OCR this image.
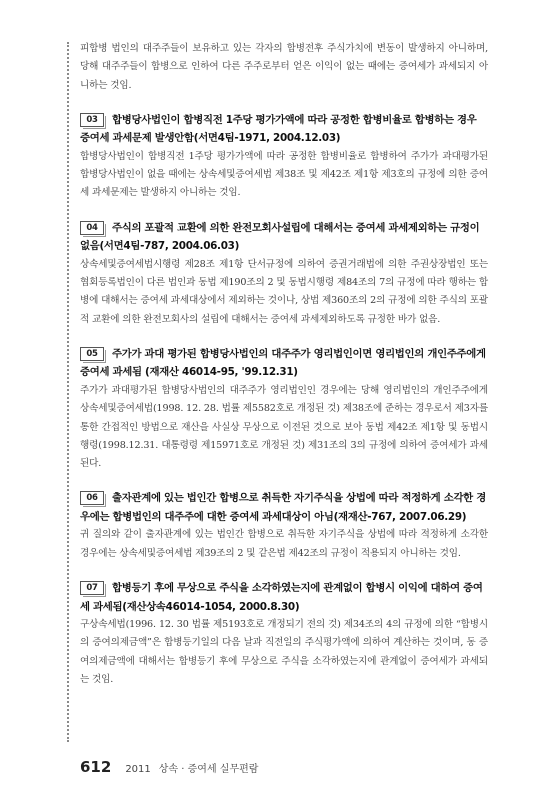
피합병 법인의 대주주들이 보유하고 있는 각자의 합병전후 주식가치에 변동이 발생하지 아니하며, 당해 대주주들이 합병으로 인하여 다른 주주로부터 얻은 이익이 없는 때에는 증여세가 과세되지 아니하는 것임.

03 합병당사법인이 합병직전 1주당 평가가액에 따라 공정한 합병비율로 합병하는 경우 증여세 과세문제 발생안함(서면4팀-1971, 2004.12.03)

합병당사법인이 합병직전 1주당 평가가액에 따라 공정한 합병비율로 합병하여 주가가 과대평가된 합병당사법인이 없을 때에는 상속세및증여세법 제38조 및 제42조 제1항 제3호의 규정에 의한 증여세 과세문제는 발생하지 아니하는 것임.

04 주식의 포괄적 교환에 의한 완전모회사설립에 대해서는 증여세 과세제외하는 규정이 없음(서면4팀-787, 2004.06.03)

상속세및증여세법시행령 제28조 제1항 단서규정에 의하여 증권거래법에 의한 주권상장법인 또는 협회등록법인이 다른 법인과 동법 제190조의 2 및 동법시행령 제84조의 7의 규정에 따라 행하는 합병에 대해서는 증여세 과세대상에서 제외하는 것이나, 상법 제360조의 2의 규정에 의한 주식의 포괄적 교환에 의한 완전모회사의 설립에 대해서는 증여세 과세제외하도록 규정한 바가 없음.

05 주가가 과대 평가된 합병당사법인의 대주주가 영리법인이면 영리법인의 개인주주에게 증여세 과세됨 (재재산 46014-95, '99.12.31)

주가가 과대평가된 합병당사법인의 대주주가 영리법인인 경우에는 당해 영리법인의 개인주주에게 상속세및증여세법(1998. 12. 28. 법률 제5582호로 개정된 것) 제38조에 준하는 경우로서 제3자를 통한 간접적인 방법으로 재산을 사실상 무상으로 이전된 것으로 보아 동법 제42조 제1항 및 동법시행령(1998.12.31. 대통령령 제15971호로 개정된 것) 제31조의 3의 규정에 의하여 증여세가 과세된다.

06 출자관계에 있는 법인간 합병으로 취득한 자기주식을 상법에 따라 적정하게 소각한 경우에는 합병법인의 대주주에 대한 증여세 과세대상이 아님(재재산-767, 2007.06.29)

귀 질의와 같이 출자관계에 있는 법인간 합병으로 취득한 자기주식을 상법에 따라 적정하게 소각한 경우에는 상속세및증여세법 제39조의 2 및 같은법 제42조의 규정이 적용되지 아니하는 것임.

07 합병등기 후에 무상으로 주식을 소각하였는지에 관계없이 합병시 이익에 대하여 증여세 과세됨(재산상속46014-1054, 2000.8.30)

구상속세법(1996. 12. 30 법률 제5193호로 개정되기 전의 것) 제34조의 4의 규정에 의한 “합병시의 증여의제금액”은 합병등기일의 다음 날과 직전일의 주식평가액에 의하여 계산하는 것이며, 동 증여의제금액에 대해서는 합병등기 후에 무상으로 주식을 소각하였는지에 관계없이 증여세가 과세되는 것임.

612 2011 상속 · 증여세 실무편람
